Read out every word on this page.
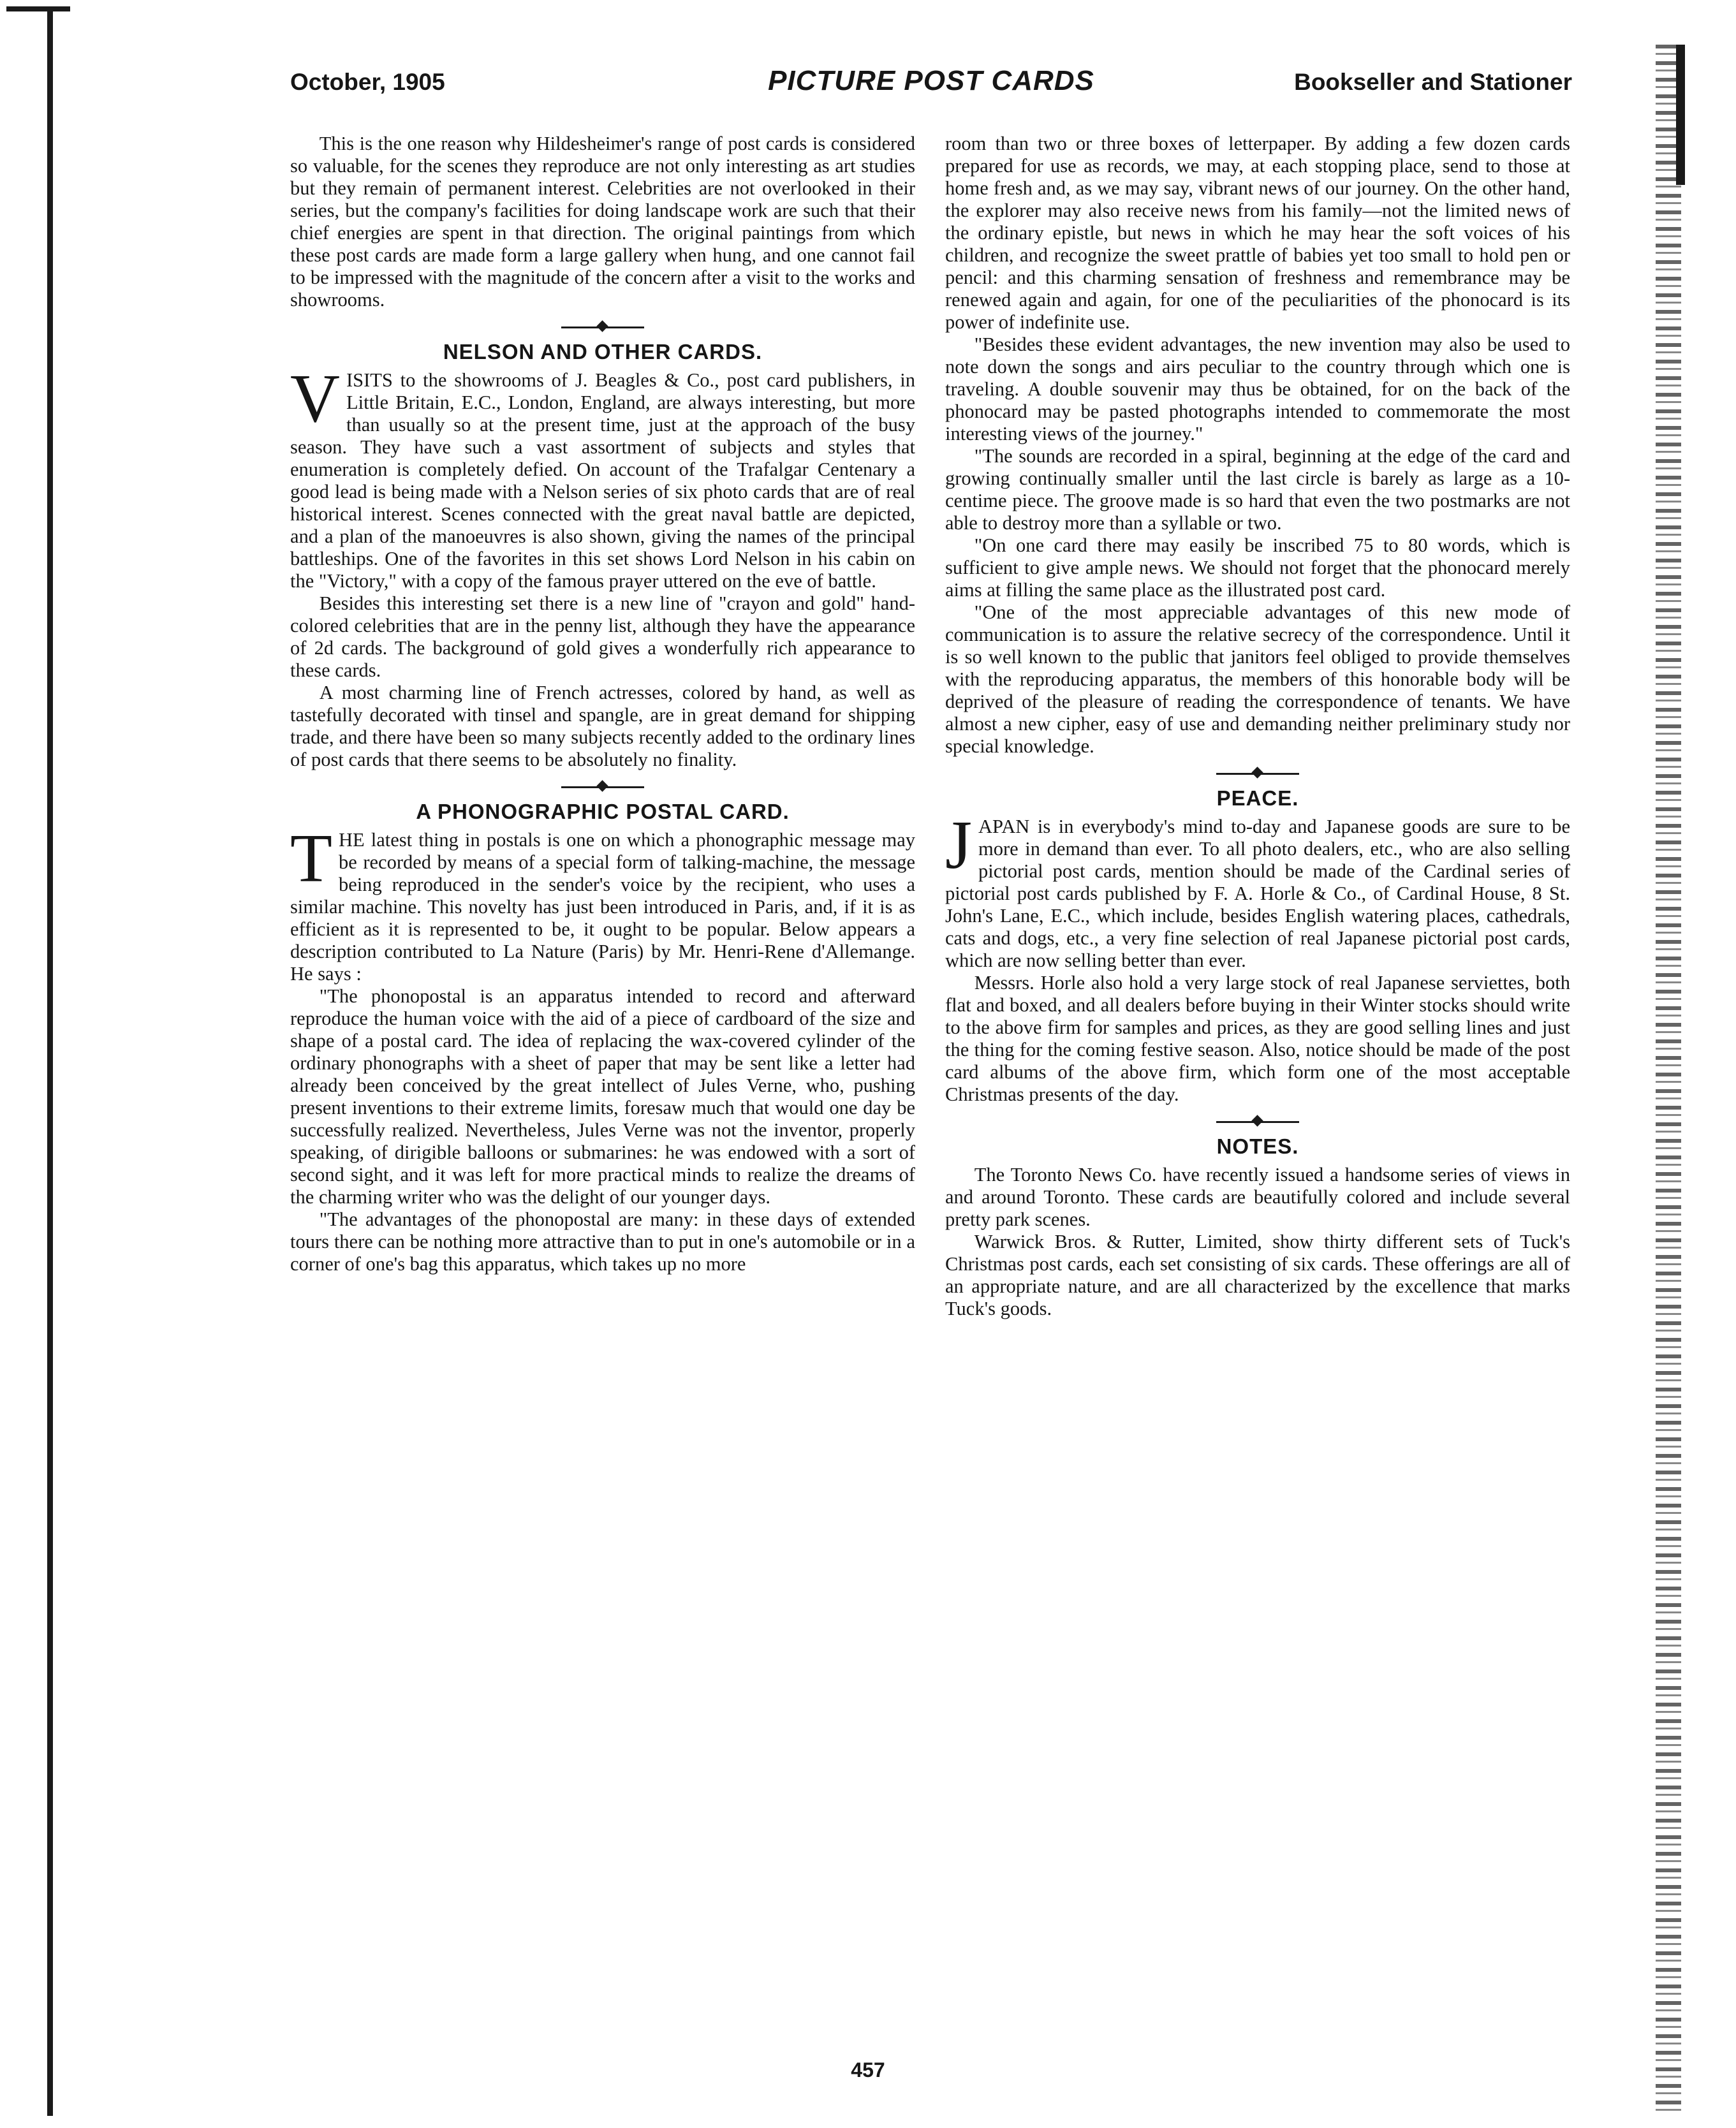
October, 1905	PICTURE POST CARDS	Bookseller and Stationer

This is the one reason why Hildesheimer's range of post cards is considered so valuable, for the scenes they reproduce are not only interesting as art studies but they remain of permanent interest. Celebrities are not overlooked in their series, but the company's facilities for doing landscape work are such that their chief energies are spent in that direction. The original paintings from which these post cards are made form a large gallery when hung, and one cannot fail to be impressed with the magnitude of the concern after a visit to the works and showrooms.

NELSON AND OTHER CARDS.

VISITS to the showrooms of J. Beagles & Co., post card publishers, in Little Britain, E.C., London, England, are always interesting, but more than usually so at the present time, just at the approach of the busy season. They have such a vast assortment of subjects and styles that enumeration is completely defied. On account of the Trafalgar Centenary a good lead is being made with a Nelson series of six photo cards that are of real historical interest. Scenes connected with the great naval battle are depicted, and a plan of the manoeuvres is also shown, giving the names of the principal battleships. One of the favorites in this set shows Lord Nelson in his cabin on the "Victory," with a copy of the famous prayer uttered on the eve of battle.

Besides this interesting set there is a new line of "crayon and gold" hand-colored celebrities that are in the penny list, although they have the appearance of 2d cards. The background of gold gives a wonderfully rich appearance to these cards.

A most charming line of French actresses, colored by hand, as well as tastefully decorated with tinsel and spangle, are in great demand for shipping trade, and there have been so many subjects recently added to the ordinary lines of post cards that there seems to be absolutely no finality.

A PHONOGRAPHIC POSTAL CARD.

THE latest thing in postals is one on which a phonographic message may be recorded by means of a special form of talking-machine, the message being reproduced in the sender's voice by the recipient, who uses a similar machine. This novelty has just been introduced in Paris, and, if it is as efficient as it is represented to be, it ought to be popular. Below appears a description contributed to La Nature (Paris) by Mr. Henri-Rene d'Allemange. He says :

"The phonopostal is an apparatus intended to record and afterward reproduce the human voice with the aid of a piece of cardboard of the size and shape of a postal card. The idea of replacing the wax-covered cylinder of the ordinary phonographs with a sheet of paper that may be sent like a letter had already been conceived by the great intellect of Jules Verne, who, pushing present inventions to their extreme limits, foresaw much that would one day be successfully realized. Nevertheless, Jules Verne was not the inventor, properly speaking, of dirigible balloons or submarines: he was endowed with a sort of second sight, and it was left for more practical minds to realize the dreams of the charming writer who was the delight of our younger days.

"The advantages of the phonopostal are many: in these days of extended tours there can be nothing more attractive than to put in one's automobile or in a corner of one's bag this apparatus, which takes up no more

room than two or three boxes of letterpaper. By adding a few dozen cards prepared for use as records, we may, at each stopping place, send to those at home fresh and, as we may say, vibrant news of our journey. On the other hand, the explorer may also receive news from his family—not the limited news of the ordinary epistle, but news in which he may hear the soft voices of his children, and recognize the sweet prattle of babies yet too small to hold pen or pencil: and this charming sensation of freshness and remembrance may be renewed again and again, for one of the peculiarities of the phonocard is its power of indefinite use.

"Besides these evident advantages, the new invention may also be used to note down the songs and airs peculiar to the country through which one is traveling. A double souvenir may thus be obtained, for on the back of the phonocard may be pasted photographs intended to commemorate the most interesting views of the journey."

"The sounds are recorded in a spiral, beginning at the edge of the card and growing continually smaller until the last circle is barely as large as a 10-centime piece. The groove made is so hard that even the two postmarks are not able to destroy more than a syllable or two.

"On one card there may easily be inscribed 75 to 80 words, which is sufficient to give ample news. We should not forget that the phonocard merely aims at filling the same place as the illustrated post card.

"One of the most appreciable advantages of this new mode of communication is to assure the relative secrecy of the correspondence. Until it is so well known to the public that janitors feel obliged to provide themselves with the reproducing apparatus, the members of this honorable body will be deprived of the pleasure of reading the correspondence of tenants. We have almost a new cipher, easy of use and demanding neither preliminary study nor special knowledge.

PEACE.

JAPAN is in everybody's mind to-day and Japanese goods are sure to be more in demand than ever. To all photo dealers, etc., who are also selling pictorial post cards, mention should be made of the Cardinal series of pictorial post cards published by F. A. Horle & Co., of Cardinal House, 8 St. John's Lane, E.C., which include, besides English watering places, cathedrals, cats and dogs, etc., a very fine selection of real Japanese pictorial post cards, which are now selling better than ever.

Messrs. Horle also hold a very large stock of real Japanese serviettes, both flat and boxed, and all dealers before buying in their Winter stocks should write to the above firm for samples and prices, as they are good selling lines and just the thing for the coming festive season. Also, notice should be made of the post card albums of the above firm, which form one of the most acceptable Christmas presents of the day.

NOTES.

The Toronto News Co. have recently issued a handsome series of views in and around Toronto. These cards are beautifully colored and include several pretty park scenes.

Warwick Bros. & Rutter, Limited, show thirty different sets of Tuck's Christmas post cards, each set consisting of six cards. These offerings are all of an appropriate nature, and are all characterized by the excellence that marks Tuck's goods.

457
